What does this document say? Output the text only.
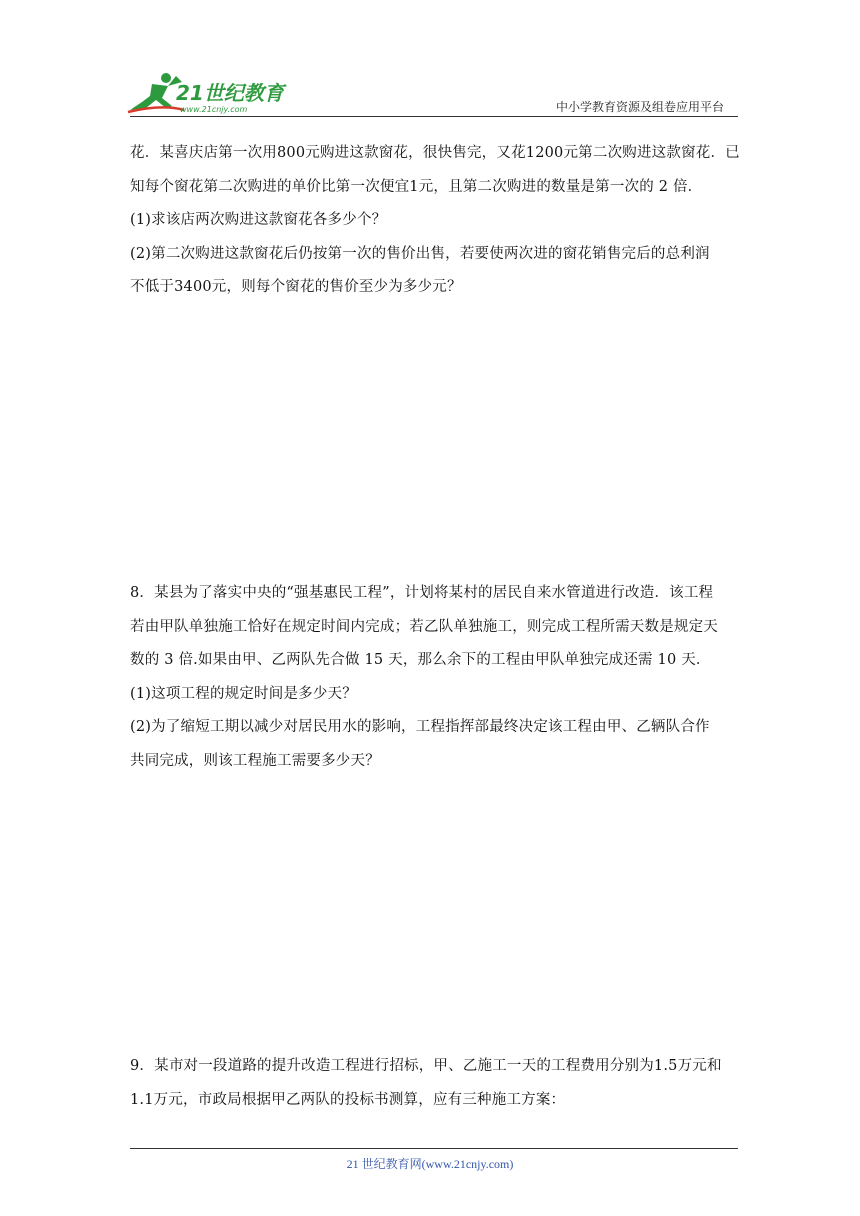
21世纪教育
www.21cnjy.com	中小学教育资源及组卷应用平台
花．某喜庆店第一次用800元购进这款窗花，很快售完，又花1200元第二次购进这款窗花．已
知每个窗花第二次购进的单价比第一次便宜1元，且第二次购进的数量是第一次的 2 倍．
(1)求该店两次购进这款窗花各多少个？
(2)第二次购进这款窗花后仍按第一次的售价出售，若要使两次进的窗花销售完后的总利润
不低于3400元，则每个窗花的售价至少为多少元？
8．某县为了落实中央的“强基惠民工程”，计划将某村的居民自来水管道进行改造．该工程
若由甲队单独施工恰好在规定时间内完成；若乙队单独施工，则完成工程所需天数是规定天
数的 3 倍.如果由甲、乙两队先合做 15 天，那么余下的工程由甲队单独完成还需 10 天．
(1)这项工程的规定时间是多少天？
(2)为了缩短工期以减少对居民用水的影响，工程指挥部最终决定该工程由甲、乙辆队合作
共同完成，则该工程施工需要多少天？
9．某市对一段道路的提升改造工程进行招标，甲、乙施工一天的工程费用分别为1.5万元和
1.1万元，市政局根据甲乙两队的投标书测算，应有三种施工方案：
21 世纪教育网(www.21cnjy.com)
